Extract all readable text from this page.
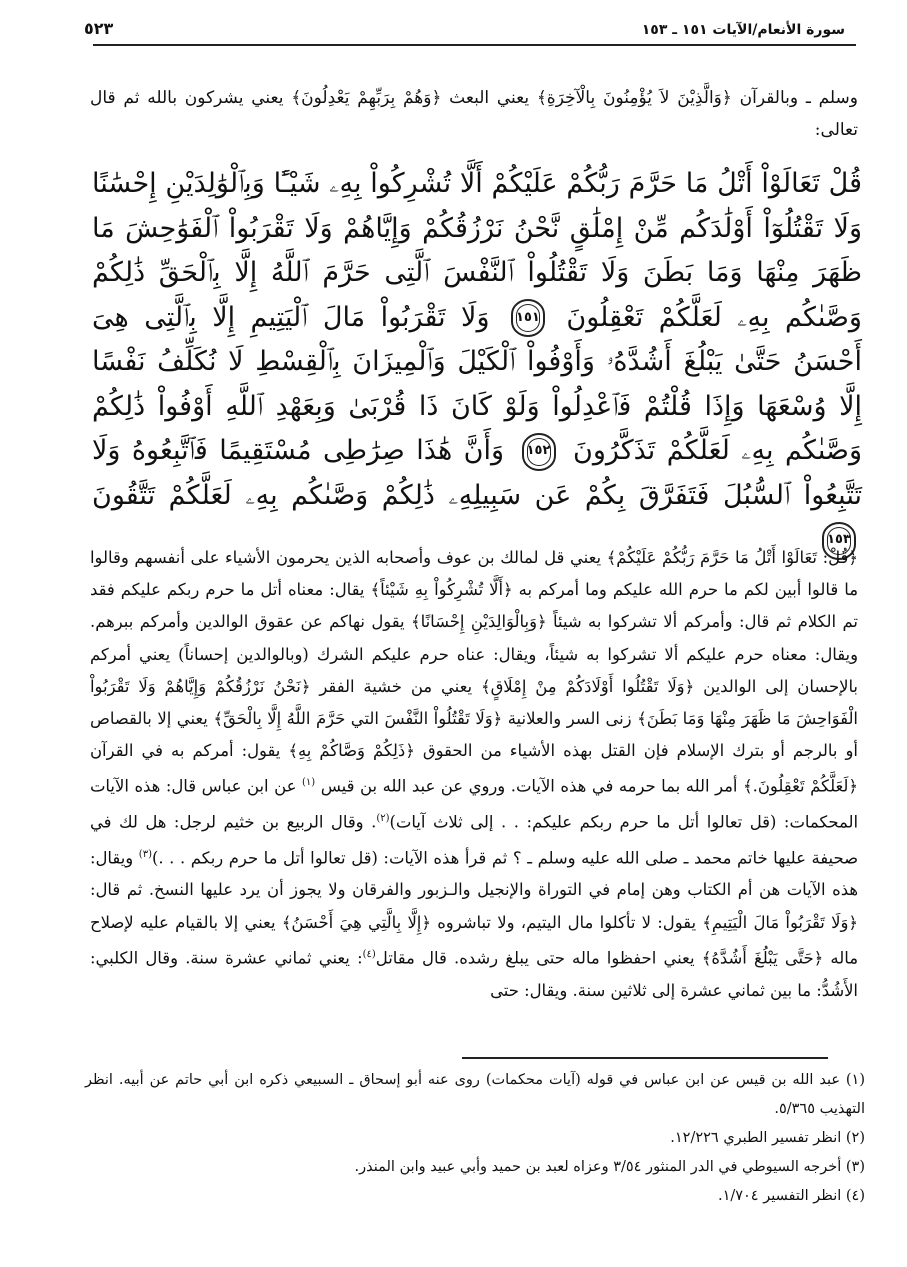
٥٢٣	سورة الأنعام/الآيات ١٥١ ـ ١٥٣
وسلم ـ وبالقرآن ﴿وَالَّذِيْنَ لاَ يُؤْمِنُونَ بِالْآخِرَةِ﴾ يعني البعث ﴿وَهُمْ بِرَبِّهِمْ يَعْدِلُونَ﴾ يعني يشركون بالله ثم قال تعالى:
قُلْ تَعَالَوْاْ أَتْلُ مَا حَرَّمَ رَبُّكُمْ عَلَيْكُمْ أَلَّا تُشْرِكُواْ بِهِۦ شَيْـًٔا وَبِٱلْوَٰلِدَيْنِ إِحْسَٰنًا وَلَا تَقْتُلُوٓاْ أَوْلَٰدَكُم مِّنْ إِمْلَٰقٍ نَّحْنُ نَرْزُقُكُمْ وَإِيَّاهُمْ وَلَا تَقْرَبُواْ ٱلْفَوَٰحِشَ مَا ظَهَرَ مِنْهَا وَمَا بَطَنَ وَلَا تَقْتُلُواْ ٱلنَّفْسَ ٱلَّتِى حَرَّمَ ٱللَّهُ إِلَّا بِٱلْحَقِّ ذَٰلِكُمْ وَصَّىٰكُم بِهِۦ لَعَلَّكُمْ تَعْقِلُونَ
١٥١
وَلَا تَقْرَبُواْ مَالَ ٱلْيَتِيمِ إِلَّا بِٱلَّتِى هِىَ أَحْسَنُ حَتَّىٰ يَبْلُغَ أَشُدَّهُۥ وَأَوْفُواْ ٱلْكَيْلَ وَٱلْمِيزَانَ بِٱلْقِسْطِ لَا نُكَلِّفُ نَفْسًا إِلَّا وُسْعَهَا وَإِذَا قُلْتُمْ فَٱعْدِلُواْ وَلَوْ كَانَ ذَا قُرْبَىٰ وَبِعَهْدِ ٱللَّهِ أَوْفُواْ ذَٰلِكُمْ وَصَّىٰكُم بِهِۦ لَعَلَّكُمْ تَذَكَّرُونَ
١٥٢
وَأَنَّ هَٰذَا صِرَٰطِى مُسْتَقِيمًا فَٱتَّبِعُوهُ وَلَا تَتَّبِعُواْ ٱلسُّبُلَ فَتَفَرَّقَ بِكُمْ عَن سَبِيلِهِۦ ذَٰلِكُمْ وَصَّىٰكُم بِهِۦ لَعَلَّكُمْ تَتَّقُونَ
١٥٣

﴿قُلْ: تَعَالَوْا أَتْلُ مَا حَرَّمَ رَبُّكُمْ عَلَيْكُمْ﴾ يعني قل لمالك بن عوف وأصحابه الذين يحرمون الأشياء على أنفسهم وقالوا ما قالوا أبين لكم ما حرم الله عليكم وما أمركم به ﴿أَلَّا تُشْرِكُواْ بِهِ شَيْئاً﴾ يقال: معناه أتل ما حرم ربكم عليكم فقد تم الكلام ثم قال: وأمركم ألا تشركوا به شيئاً ﴿وَبِالْوَالِدَيْنِ إِحْسَانًا﴾ يقول نهاكم عن عقوق الوالدين وأمركم ببرهم. ويقال: معناه حرم عليكم ألا تشركوا به شيئاً، ويقال: عناه حرم عليكم الشرك (وبالوالدين إحساناً) يعني أمركم بالإحسان إلى الوالدين ﴿وَلَا تَقْتُلُوا أَوْلَادَكُمْ مِنْ إِمْلَاقٍ﴾ يعني من خشية الفقر ﴿نَحْنُ نَرْزُقُكُمْ وَإِيَّاهُمْ وَلَا تَقْرَبُواْ الْفَوَاحِشَ مَا ظَهَرَ مِنْهَا وَمَا بَطَنَ﴾ زنى السر والعلانية ﴿وَلَا تَقْتُلُواْ النَّفْسَ التي حَرَّمَ اللَّهُ إِلَّا بِالْحَقِّ﴾ يعني إلا بالقصاص أو بالرجم أو بترك الإسلام فإن القتل بهذه الأشياء من الحقوق ﴿ذَلِكُمْ وَصَّاكُمْ بِهِ﴾ يقول: أمركم به في القرآن ﴿لَعَلَّكُمْ تَعْقِلُونَ.﴾ أمر الله بما حرمه في هذه الآيات. وروي عن عبد الله بن قيس $^{(١)}$ عن ابن عباس قال: هذه الآيات المحكمات: (قل تعالوا أتل ما حرم ربكم عليكم: . . إلى ثلاث آيات)$^{(٢)}$. وقال الربيع بن خثيم لرجل: هل لك في صحيفة عليها خاتم محمد ـ صلى الله عليه وسلم ـ ؟ ثم قرأ هذه الآيات: (قل تعالوا أتل ما حرم ربكم . . .)$^{(٣)}$ ويقال: هذه الآيات هن أم الكتاب وهن إمام في التوراة والإنجيل والـزبور والفرقان ولا يجوز أن يرد عليها النسخ. ثم قال: ﴿وَلَا تَقْرَبُواْ مَالَ الْيَتِيمِ﴾ يقول: لا تأكلوا مال اليتيم، ولا تباشروه ﴿إِلَّا بِالَّتِي هِيَ أَحْسَنُ﴾ يعني إلا بالقيام عليه لإصلاح ماله ﴿حَتَّى يَبْلُغَ أَشُدَّهُ﴾ يعني احفظوا ماله حتى يبلغ رشده. قال مقاتل$^{(٤)}$: يعني ثماني عشرة سنة. وقال الكلبي: الأَشُدُّ: ما بين ثماني عشرة إلى ثلاثين سنة. ويقال: حتى

(١) عبد الله بن قيس عن ابن عباس في قوله (آيات محكمات) روى عنه أبو إسحاق ـ السبيعي ذكره ابن أبي حاتم عن أبيه. انظر التهذيب ٥/٣٦٥.

(٢) انظر تفسير الطبري ١٢/٢٢٦.

(٣) أخرجه السيوطي في الدر المنثور ٣/٥٤ وعزاه لعبد بن حميد وأبي عبيد وابن المنذر.

(٤) انظر التفسير ١/٧٠٤.
